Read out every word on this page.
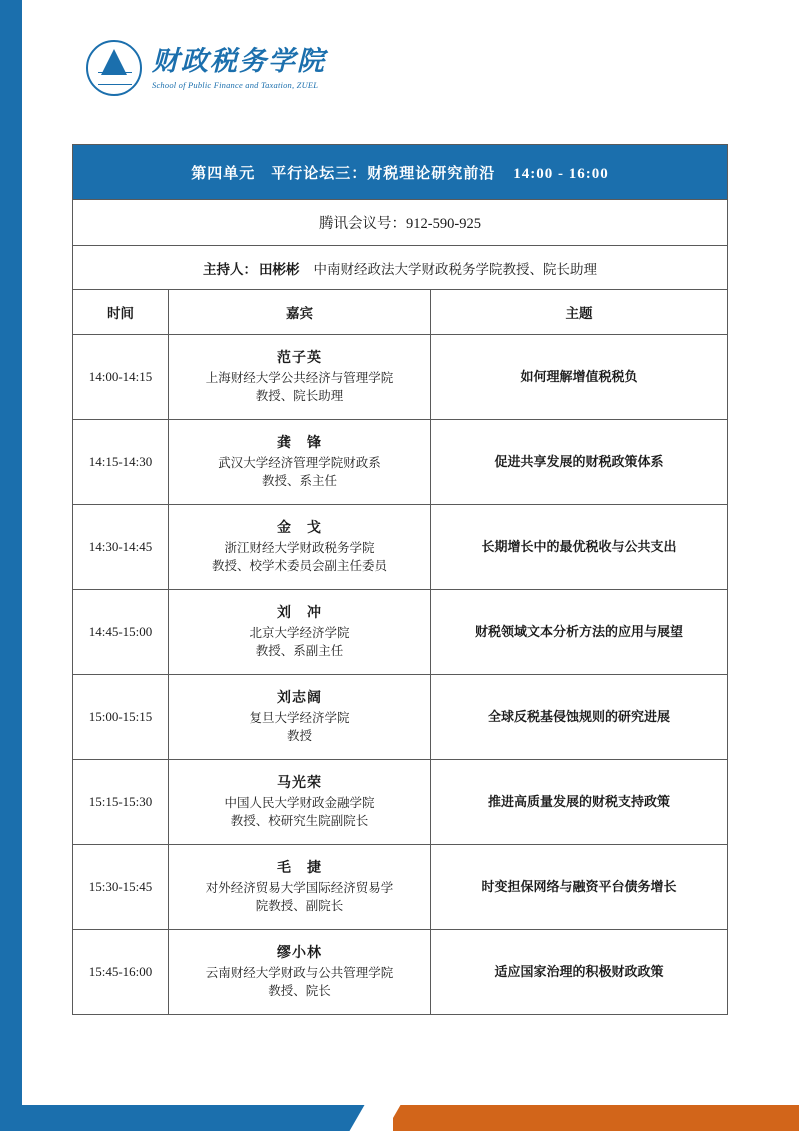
财政税务学院
School of Public Finance and Taxation, ZUEL
第四单元　平行论坛三：财税理论研究前沿 14:00 - 16:00		
腾讯会议号：912-590-925		
主持人： 田彬彬 中南财经政法大学财政税务学院教授、院长助理		
时间	嘉宾	主题
14:00-14:15	范子英
上海财经大学公共经济与管理学院
教授、院长助理	如何理解增值税税负
14:15-14:30	龚　锋
武汉大学经济管理学院财政系
教授、系主任	促进共享发展的财税政策体系
14:30-14:45	金　戈
浙江财经大学财政税务学院
教授、校学术委员会副主任委员	长期增长中的最优税收与公共支出
14:45-15:00	刘　冲
北京大学经济学院
教授、系副主任	财税领域文本分析方法的应用与展望
15:00-15:15	刘志阔
复旦大学经济学院
教授	全球反税基侵蚀规则的研究进展
15:15-15:30	马光荣
中国人民大学财政金融学院
教授、校研究生院副院长	推进高质量发展的财税支持政策
15:30-15:45	毛　捷
对外经济贸易大学国际经济贸易学
院教授、副院长	时变担保网络与融资平台债务增长
15:45-16:00	缪小林
云南财经大学财政与公共管理学院
教授、院长	适应国家治理的积极财政政策
